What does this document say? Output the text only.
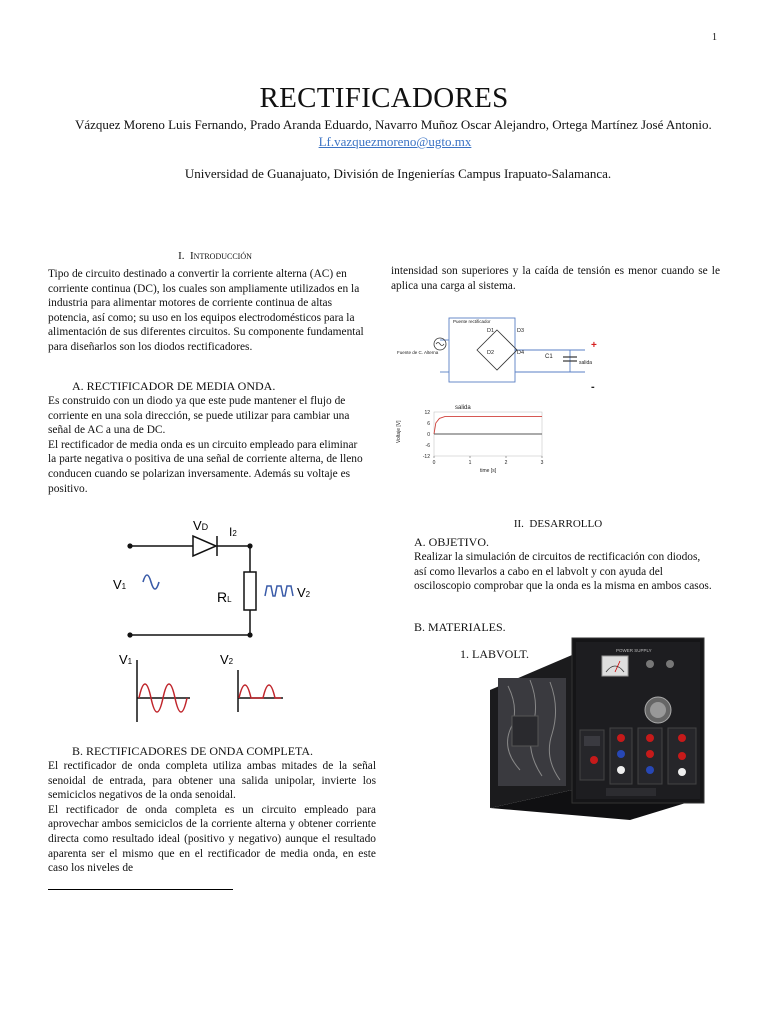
1
RECTIFICADORES
Vázquez Moreno Luis Fernando, Prado Aranda Eduardo, Navarro Muñoz Oscar Alejandro, Ortega Martínez José Antonio.  Lf.vazquezmoreno@ugto.mx
Universidad de Guanajuato, División de Ingenierías Campus Irapuato-Salamanca.
I. Introducción
Tipo de circuito destinado a convertir la corriente alterna (AC) en corriente continua (DC), los cuales son ampliamente utilizados en la industria para alimentar motores de corriente continua de altas potencia, así como; su uso en los equipos electrodomésticos para la alimentación de sus diferentes circuitos. Su componente fundamental para diseñarlos son los diodos rectificadores.
A. RECTIFICADOR DE MEDIA ONDA.
Es construido con un diodo ya que este pude mantener el flujo de corriente en una sola dirección, se puede utilizar para cambiar una señal de AC a una de DC.
El rectificador de media onda es un circuito empleado para eliminar la parte negativa o positiva de una señal de corriente alterna, de lleno conducen cuando se polarizan inversamente. Además su voltaje es positivo.
VD I2
V1
RL	V2
V1	V2
B. RECTIFICADORES DE ONDA COMPLETA.
El rectificador de onda completa utiliza ambas mitades de la señal senoidal de entrada, para obtener una salida unipolar, invierte los semiciclos negativos de la onda senoidal.
El rectificador de onda completa es un circuito empleado para aprovechar ambos semiciclos de la corriente alterna y obtener corriente directa como resultado ideal (positivo y negativo) aunque el resultado aparenta ser el mismo que en el rectificador de media onda, en este caso los niveles de
intensidad son superiores y la caída de tensión es menor cuando se le aplica una carga al sistema.
Puente rectificador
Fuente de C. Alterna
D1
D2
D3
D4
C1
salida
+
-
salida
Voltaje [V]
time [s]
12
6
0
-6
-12
0	1	2	3
II. DESARROLLO
A. OBJETIVO.
Realizar la simulación de circuitos de rectificación con diodos, así como llevarlos a cabo en el labvolt y con ayuda del osciloscopio comprobar que la onda es la misma en ambos casos.
B. MATERIALES.
1. LABVOLT.	POWER SUPPLY
